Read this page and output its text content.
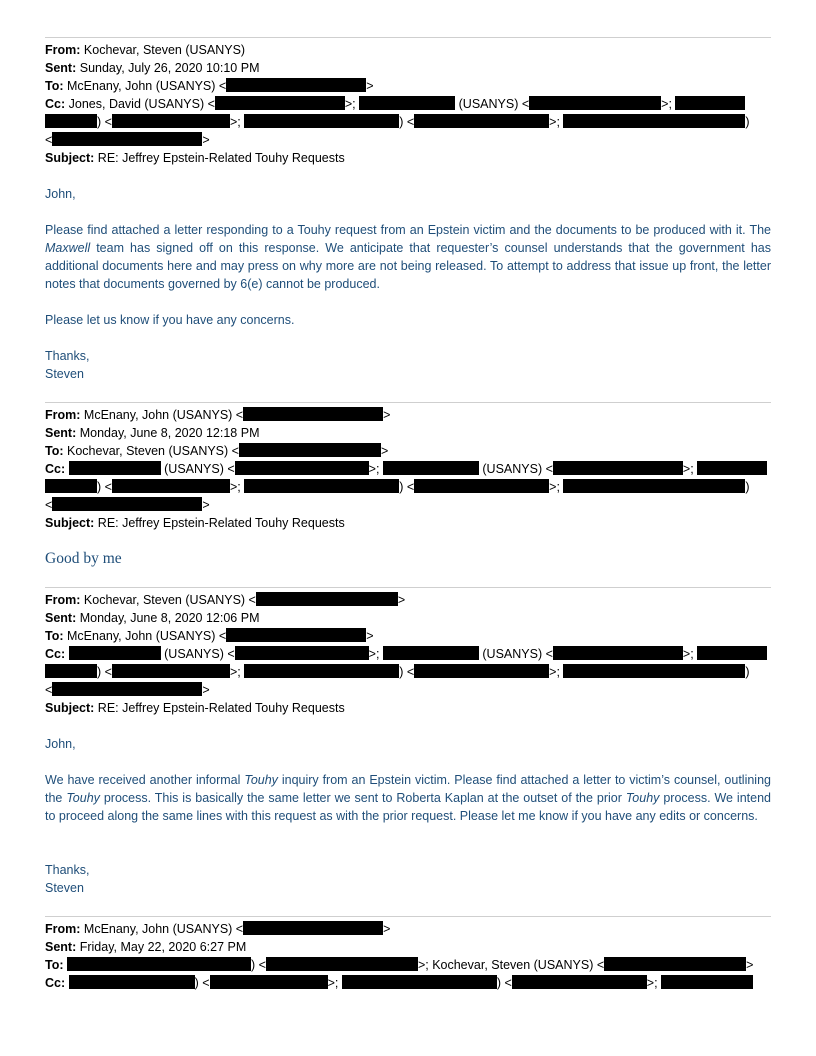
From: Kochevar, Steven (USANYS)
Sent: Sunday, July 26, 2020 10:10 PM
To: McEnany, John (USANYS) <	>
Cc: Jones, David (USANYS) <	>;	(USANYS) <	>;
) <	>;	) <	>;	)
<	>
Subject: RE: Jeffrey Epstein-Related Touhy Requests
John,
Please find attached a letter responding to a Touhy request from an Epstein victim and the documents to be produced with it. The Maxwell team has signed off on this response. We anticipate that requester’s counsel understands that the government has additional documents here and may press on why more are not being released. To attempt to address that issue up front, the letter notes that documents governed by 6(e) cannot be produced.
Please let us know if you have any concerns.
Thanks,
Steven
From: McEnany, John (USANYS) <	>
Sent: Monday, June 8, 2020 12:18 PM
To: Kochevar, Steven (USANYS) <	>
Cc:	(USANYS) <	>;	(USANYS) <	>;
) <	>;	) <	>;	)
<	>
Subject: RE: Jeffrey Epstein-Related Touhy Requests
Good by me
From: Kochevar, Steven (USANYS) <	>
Sent: Monday, June 8, 2020 12:06 PM
To: McEnany, John (USANYS) <	>
Cc:	(USANYS) <	>;	(USANYS) <	>;
) <	>;	) <	>;	)
<	>
Subject: RE: Jeffrey Epstein-Related Touhy Requests
John,
We have received another informal Touhy inquiry from an Epstein victim. Please find attached a letter to victim’s counsel, outlining the Touhy process. This is basically the same letter we sent to Roberta Kaplan at the outset of the prior Touhy process. We intend to proceed along the same lines with this request as with the prior request. Please let me know if you have any edits or concerns.
Thanks,
Steven
From: McEnany, John (USANYS) <	>
Sent: Friday, May 22, 2020 6:27 PM
To:	) <	>; Kochevar, Steven (USANYS) <	>
Cc:	) <	>;	) <	>;
